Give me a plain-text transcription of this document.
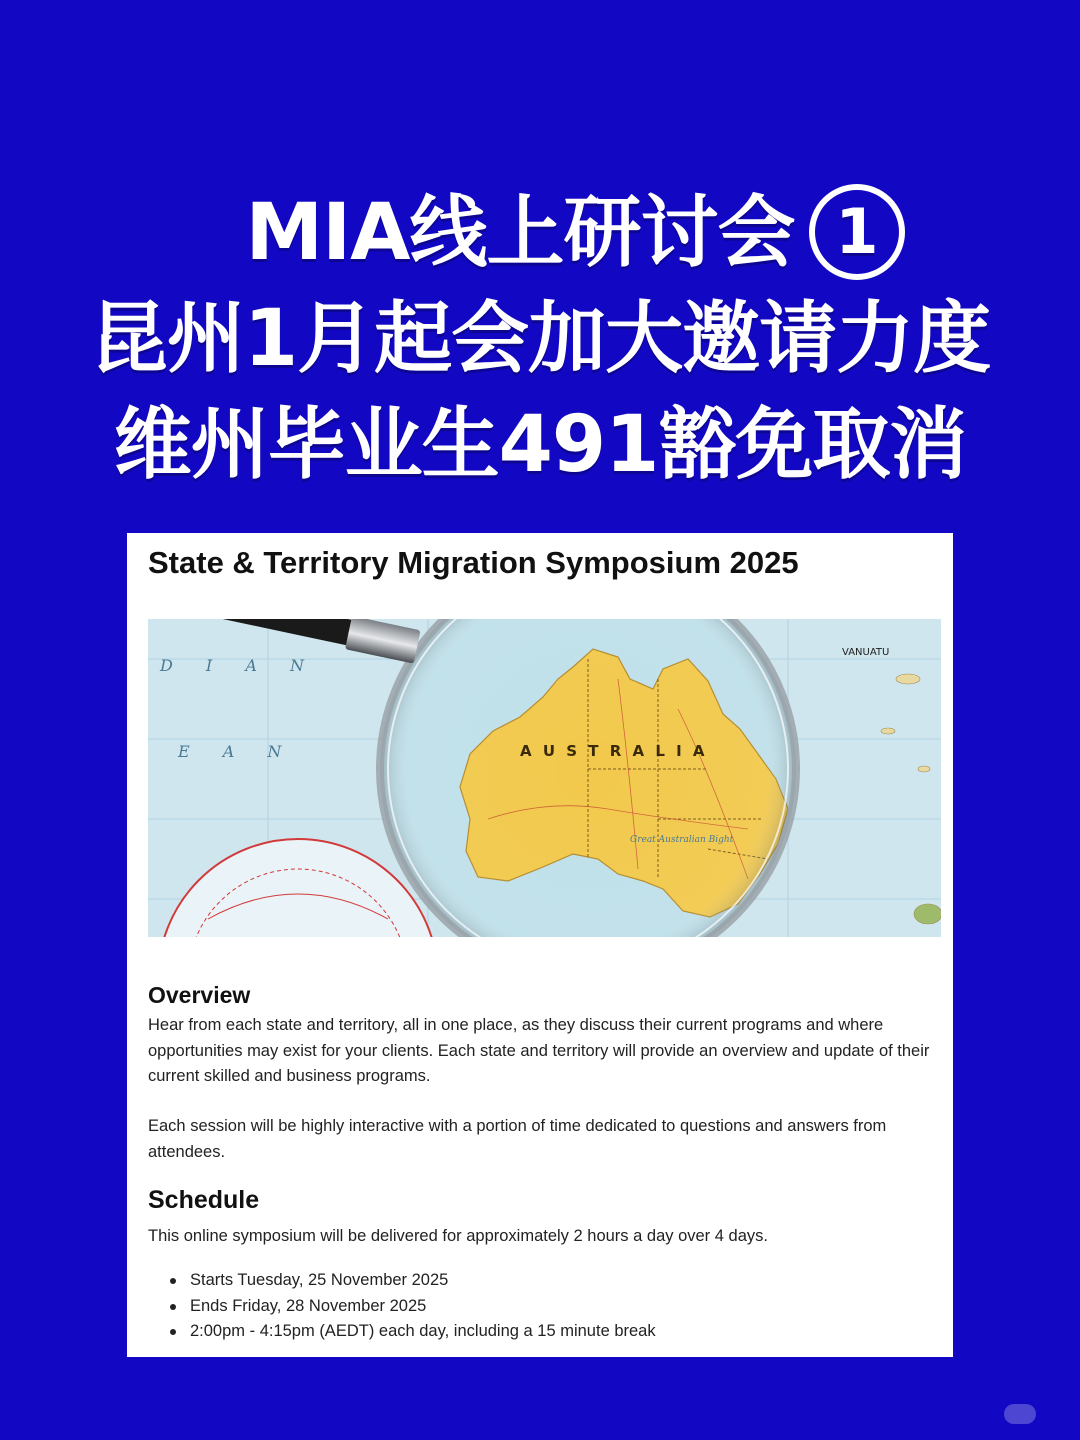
MIA线上研讨会 1
昆州1月起会加大邀请力度
维州毕业生491豁免取消
State & Territory Migration Symposium 2025
D I A N
E A N
Great Australian Bight
A U S T R A L I A
VANUATU
Overview

Hear from each state and territory, all in one place, as they discuss their current programs and where opportunities may exist for your clients. Each state and territory will provide an overview and update of their current skilled and business programs.

Each session will be highly interactive with a portion of time dedicated to questions and answers from attendees.

Schedule

This online symposium will be delivered for approximately 2 hours a day over 4 days.

Starts Tuesday, 25 November 2025
Ends Friday, 28 November 2025
2:00pm - 4:15pm (AEDT) each day, including a 15 minute break
